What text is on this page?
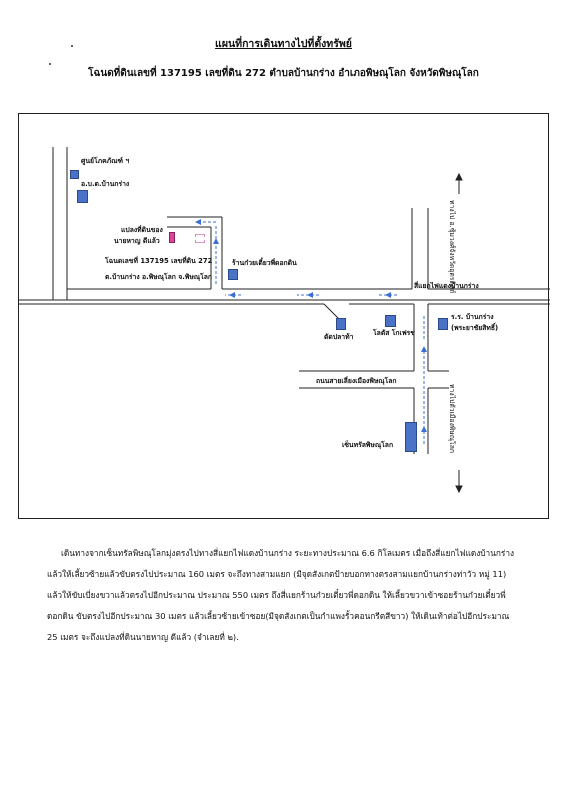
แผนที่การเดินทางไปที่ตั้งทรัพย์
โฉนดที่ดินเลขที่ 137195 เลขที่ดิน 272 ตำบลบ้านกร่าง อำเภอพิษณุโลก จังหวัดพิษณุโลก
ศูนย์โภคภัณฑ์ ฯ
อ.บ.ต.บ้านกร่าง
แปลงที่ดินของ
นายหาญ ดีแล้ว
โฉนดเลขที่ 137195 เลขที่ดิน 272
ต.บ้านกร่าง อ.พิษณุโลก จ.พิษณุโลก
ร้านก๋วยเตี๋ยวพี่ดอกดิน
สี่แยกไฟแดงบ้านกร่าง
ร.ร. บ้านกร่าง
(พระยาชัยสิทธิ์)
ตัดปลาท้า	โลตัส โกเฟรช
ถนนสายเลี่ยงเมืองพิษณุโลก
เซ็นทรัลพิษณุโลก
ทางไป อ.ซุ้มวงศ์จังหวัดอุตรดิตถ์
ทางไปตัวเมืองพิษณุโลก
เดินทางจากเซ็นทรัลพิษณุโลกมุ่งตรงไปทางสี่แยกไฟแดงบ้านกร่าง ระยะทางประมาณ 6.6 กิโลเมตร เมื่อถึงสี่แยกไฟแดงบ้านกร่างแล้วให้เลี้ยวซ้ายแล้วขับตรงไปประมาณ 160 เมตร จะถึงทางสามแยก (มีจุดสังเกตป้ายบอกทางตรงสามแยกบ้านกร่างท่าวัว หมู่ 11) แล้วให้ขับเบี่ยงขวาแล้วตรงไปอีกประมาณ ประมาณ 550 เมตร ถึงสี่แยกร้านก๋วยเตี๋ยวพี่ดอกดิน ให้เลี้ยวขวาเข้าซอยร้านก๋วยเตี๋ยวพี่ดอกดิน ขับตรงไปอีกประมาณ 30 เมตร แล้วเลี้ยวซ้ายเข้าซอย(มีจุดสังเกตเป็นกำแพงรั้วคอนกรีตสีขาว) ให้เดินเท้าต่อไปอีกประมาณ 25 เมตร จะถึงแปลงที่ดินนายหาญ ดีแล้ว (จำเลยที่ ๒).
